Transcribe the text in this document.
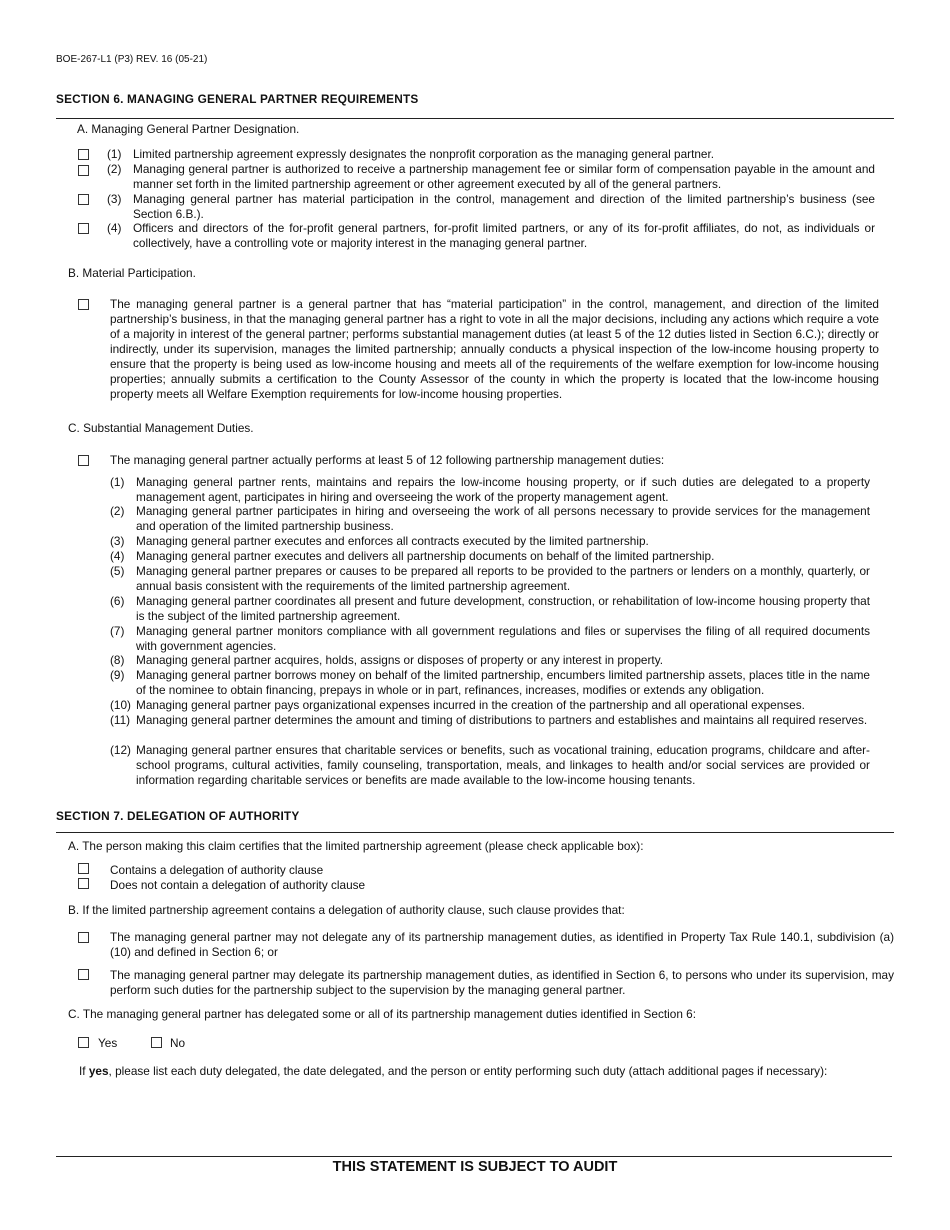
BOE-267-L1 (P3) REV. 16 (05-21)
SECTION 6. MANAGING GENERAL PARTNER REQUIREMENTS
A. Managing General Partner Designation.
(1) Limited partnership agreement expressly designates the nonprofit corporation as the managing general partner.
(2) Managing general partner is authorized to receive a partnership management fee or similar form of compensation payable in the amount and manner set forth in the limited partnership agreement or other agreement executed by all of the general partners.
(3) Managing general partner has material participation in the control, management and direction of the limited partnership’s business (see Section 6.B.).
(4) Officers and directors of the for-profit general partners, for-profit limited partners, or any of its for-profit affiliates, do not, as individuals or collectively, have a controlling vote or majority interest in the managing general partner.
B. Material Participation.
The managing general partner is a general partner that has “material participation” in the control, management, and direction of the limited partnership’s business, in that the managing general partner has a right to vote in all the major decisions, including any actions which require a vote of a majority in interest of the general partner; performs substantial management duties (at least 5 of the 12 duties listed in Section 6.C.); directly or indirectly, under its supervision, manages the limited partnership; annually conducts a physical inspection of the low-income housing property to ensure that the property is being used as low-income housing and meets all of the requirements of the welfare exemption for low-income housing properties; annually submits a certification to the County Assessor of the county in which the property is located that the low-income housing property meets all Welfare Exemption requirements for low-income housing properties.
C. Substantial Management Duties.
The managing general partner actually performs at least 5 of 12 following partnership management duties:
(1) Managing general partner rents, maintains and repairs the low-income housing property, or if such duties are delegated to a property management agent, participates in hiring and overseeing the work of the property management agent.
(2) Managing general partner participates in hiring and overseeing the work of all persons necessary to provide services for the management and operation of the limited partnership business.
(3) Managing general partner executes and enforces all contracts executed by the limited partnership.
(4) Managing general partner executes and delivers all partnership documents on behalf of the limited partnership.
(5) Managing general partner prepares or causes to be prepared all reports to be provided to the partners or lenders on a monthly, quarterly, or annual basis consistent with the requirements of the limited partnership agreement.
(6) Managing general partner coordinates all present and future development, construction, or rehabilitation of low-income housing property that is the subject of the limited partnership agreement.
(7) Managing general partner monitors compliance with all government regulations and files or supervises the filing of all required documents with government agencies.
(8) Managing general partner acquires, holds, assigns or disposes of property or any interest in property.
(9) Managing general partner borrows money on behalf of the limited partnership, encumbers limited partnership assets, places title in the name of the nominee to obtain financing, prepays in whole or in part, refinances, increases, modifies or extends any obligation.
(10) Managing general partner pays organizational expenses incurred in the creation of the partnership and all operational expenses.
(11) Managing general partner determines the amount and timing of distributions to partners and establishes and maintains all required reserves.
(12) Managing general partner ensures that charitable services or benefits, such as vocational training, education programs, childcare and after-school programs, cultural activities, family counseling, transportation, meals, and linkages to health and/or social services are provided or information regarding charitable services or benefits are made available to the low-income housing tenants.
SECTION 7. DELEGATION OF AUTHORITY
A. The person making this claim certifies that the limited partnership agreement (please check applicable box):
Contains a delegation of authority clause
Does not contain a delegation of authority clause
B. If the limited partnership agreement contains a delegation of authority clause, such clause provides that:
The managing general partner may not delegate any of its partnership management duties, as identified in Property Tax Rule 140.1, subdivision (a)(10) and defined in Section 6; or
The managing general partner may delegate its partnership management duties, as identified in Section 6, to persons who under its supervision, may perform such duties for the partnership subject to the supervision by the managing general partner.
C. The managing general partner has delegated some or all of its partnership management duties identified in Section 6:
Yes	No
If yes, please list each duty delegated, the date delegated, and the person or entity performing such duty (attach additional pages if necessary):
THIS STATEMENT IS SUBJECT TO AUDIT
